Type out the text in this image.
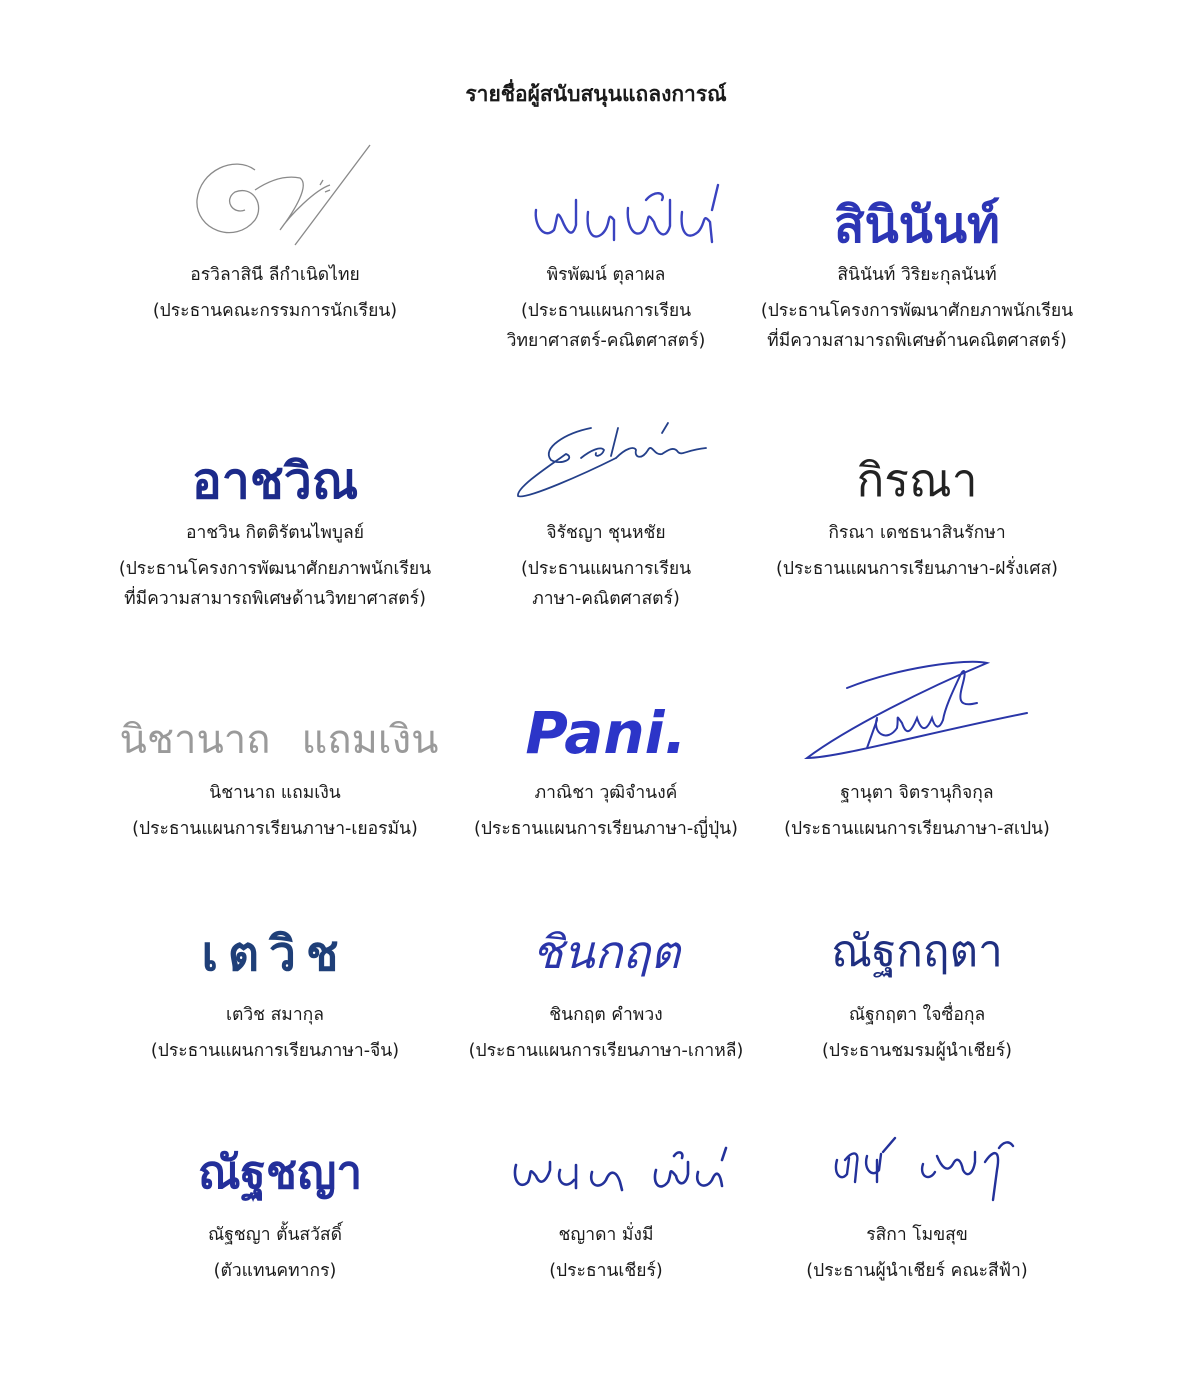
รายชื่อผู้สนับสนุนแถลงการณ์
อรวิลาสินี ลีกำเนิดไทย
(ประธานคณะกรรมการนักเรียน)
พิรพัฒน์ ตุลาผล
(ประธานแผนการเรียน
วิทยาศาสตร์-คณิตศาสตร์)
สินินันท์
สินินันท์ วิริยะกุลนันท์
(ประธานโครงการพัฒนาศักยภาพนักเรียน
ที่มีความสามารถพิเศษด้านคณิตศาสตร์)
อาชวิณ
อาชวิน กิตติรัตนไพบูลย์
(ประธานโครงการพัฒนาศักยภาพนักเรียน
ที่มีความสามารถพิเศษด้านวิทยาศาสตร์)
จิรัชญา ชุนหชัย
(ประธานแผนการเรียน
ภาษา-คณิตศาสตร์)
กิรณา
กิรณา เดชธนาสินรักษา
(ประธานแผนการเรียนภาษา-ฝรั่งเศส)
นิชานาถ แถมเงิน
นิชานาถ แถมเงิน
(ประธานแผนการเรียนภาษา-เยอรมัน)
Pani.
ภาณิชา วุฒิจำนงค์
(ประธานแผนการเรียนภาษา-ญี่ปุ่น)
ฐานุตา จิตรานุกิจกุล
(ประธานแผนการเรียนภาษา-สเปน)
เตวิช
เตวิช สมากุล
(ประธานแผนการเรียนภาษา-จีน)
ชินกฤต
ชินกฤต คำพวง
(ประธานแผนการเรียนภาษา-เกาหลี)
ณัฐกฤตา
ณัฐกฤตา ใจซื่อกุล
(ประธานชมรมผู้นำเชียร์)
ณัฐชญา
ณัฐชญา ตั้นสวัสดิ์
(ตัวแทนคทากร)
ชญาดา มั่งมี
(ประธานเชียร์)
รสิกา โมขสุข
(ประธานผู้นำเชียร์ คณะสีฟ้า)
